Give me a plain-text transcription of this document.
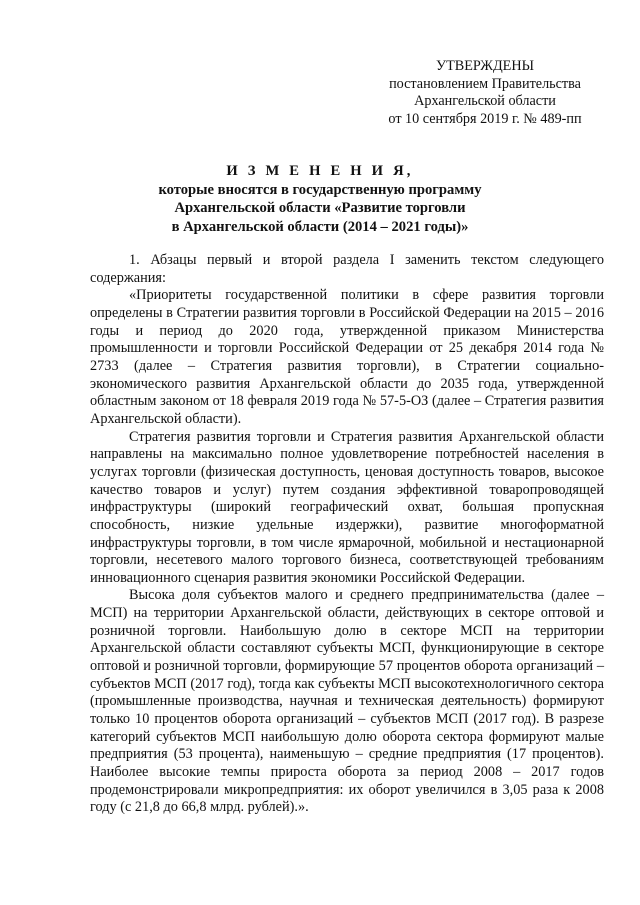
УТВЕРЖДЕНЫ
постановлением Правительства
Архангельской области
от 10 сентября 2019 г. № 489-пп
И З М Е Н Е Н И Я,
которые вносятся в государственную программу
Архангельской области «Развитие торговли
в Архангельской области (2014 – 2021 годы)»

1. Абзацы первый и второй раздела I заменить текстом следующего содержания:

«Приоритеты государственной политики в сфере развития торговли определены в Стратегии развития торговли в Российской Федерации на 2015 – 2016 годы и период до 2020 года, утвержденной приказом Министерства промышленности и торговли Российской Федерации от 25 декабря 2014 года № 2733 (далее – Стратегия развития торговли), в Стратегии социально-экономического развития Архангельской области до 2035 года, утвержденной областным законом от 18 февраля 2019 года № 57-5-ОЗ (далее – Стратегия развития Архангельской области).

Стратегия развития торговли и Стратегия развития Архангельской области направлены на максимально полное удовлетворение потребностей населения в услугах торговли (физическая доступность, ценовая доступность товаров, высокое качество товаров и услуг) путем создания эффективной товаропроводящей инфраструктуры (широкий географический охват, большая пропускная способность, низкие удельные издержки), развитие многоформатной инфраструктуры торговли, в том числе ярмарочной, мобильной и нестационарной торговли, несетевого малого торгового бизнеса, соответствующей требованиям инновационного сценария развития экономики Российской Федерации.

Высока доля субъектов малого и среднего предпринимательства (далее – МСП) на территории Архангельской области, действующих в секторе оптовой и розничной торговли. Наибольшую долю в секторе МСП на территории Архангельской области составляют субъекты МСП, функционирующие в секторе оптовой и розничной торговли, формирующие 57 процентов оборота организаций – субъектов МСП (2017 год), тогда как субъекты МСП высокотехнологичного сектора (промышленные производства, научная и техническая деятельность) формируют только 10 процентов оборота организаций – субъектов МСП (2017 год). В разрезе категорий субъектов МСП наибольшую долю оборота сектора формируют малые предприятия (53 процента), наименьшую – средние предприятия (17 процентов). Наиболее высокие темпы прироста оборота за период 2008 – 2017 годов продемонстрировали микропредприятия: их оборот увеличился в 3,05 раза к 2008 году (с 21,8 до 66,8 млрд. рублей).».
